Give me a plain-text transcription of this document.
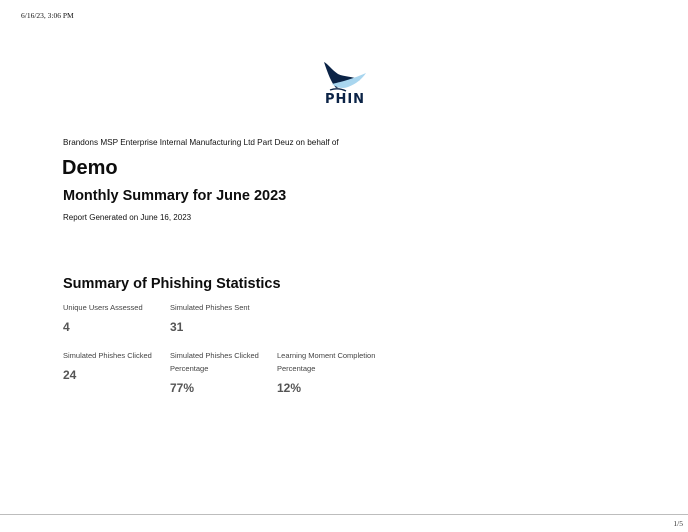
6/16/23, 3:06 PM
PHIN
Brandons MSP Enterprise Internal Manufacturing Ltd Part Deuz on behalf of
Demo
Monthly Summary for June 2023
Report Generated on June 16, 2023
Summary of Phishing Statistics
Unique Users Assessed
4
Simulated Phishes Sent
31
Simulated Phishes Clicked
24
Simulated Phishes Clicked Percentage
77%
Learning Moment Completion Percentage
12%
1/5
